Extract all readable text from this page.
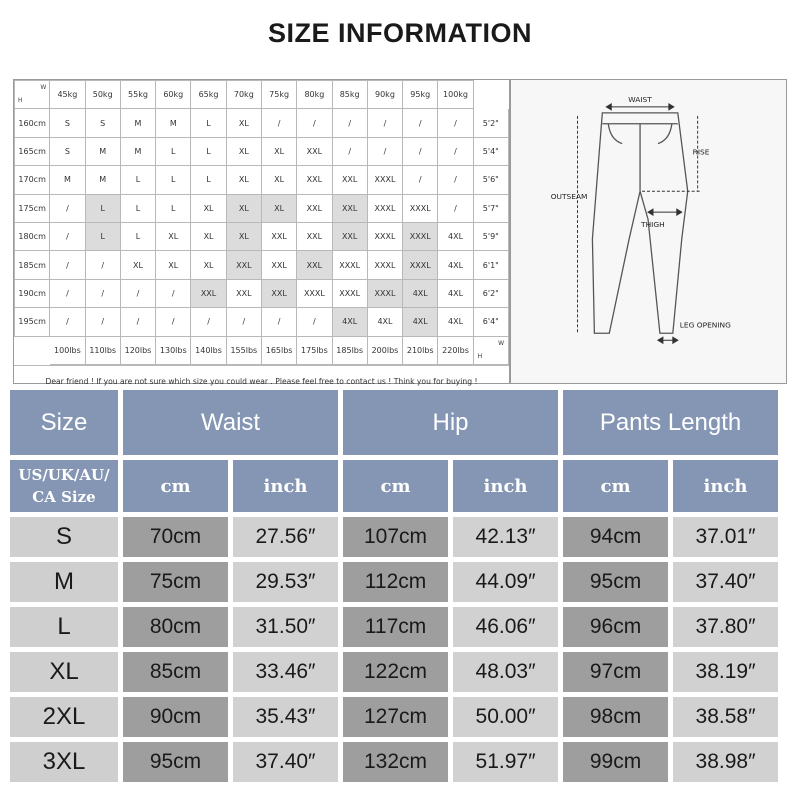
SIZE INFORMATION
H
W	45kg	50kg	55kg	60kg	65kg	70kg	75kg	80kg	85kg	90kg	95kg	100kg	
160cm	S	S	M	M	L	XL	/	/	/	/	/	/	5'2"
165cm	S	M	M	L	L	XL	XL	XXL	/	/	/	/	5'4"
170cm	M	M	L	L	L	XL	XL	XXL	XXL	XXXL	/	/	5'6"
175cm	/	L	L	L	XL	XL	XL	XXL	XXL	XXXL	XXXL	/	5'7"
180cm	/	L	L	XL	XL	XL	XXL	XXL	XXL	XXXL	XXXL	4XL	5'9"
185cm	/	/	XL	XL	XL	XXL	XXL	XXL	XXXL	XXXL	XXXL	4XL	6'1"
190cm	/	/	/	/	XXL	XXL	XXL	XXXL	XXXL	XXXL	4XL	4XL	6'2"
195cm	/	/	/	/	/	/	/	/	4XL	4XL	4XL	4XL	6'4"
	100lbs	110lbs	120lbs	130lbs	140lbs	155lbs	165lbs	175lbs	185lbs	200lbs	210lbs	220lbs	H
W
Dear friend ! If you are not sure which size you could wear . Please feel free to contact us ! Think you for buying !
WAIST
RISE
OUTSEAM
THIGH
LEG OPENING
Size	Waist		Hip		Pants Length	

US/UK/AU/
CA Size	cm	inch	cm	inch	cm	inch
S	70cm	27.56″	107cm	42.13″	94cm	37.01″
M	75cm	29.53″	112cm	44.09″	95cm	37.40″
L	80cm	31.50″	117cm	46.06″	96cm	37.80″
XL	85cm	33.46″	122cm	48.03″	97cm	38.19″
2XL	90cm	35.43″	127cm	50.00″	98cm	38.58″
3XL	95cm	37.40″	132cm	51.97″	99cm	38.98″
